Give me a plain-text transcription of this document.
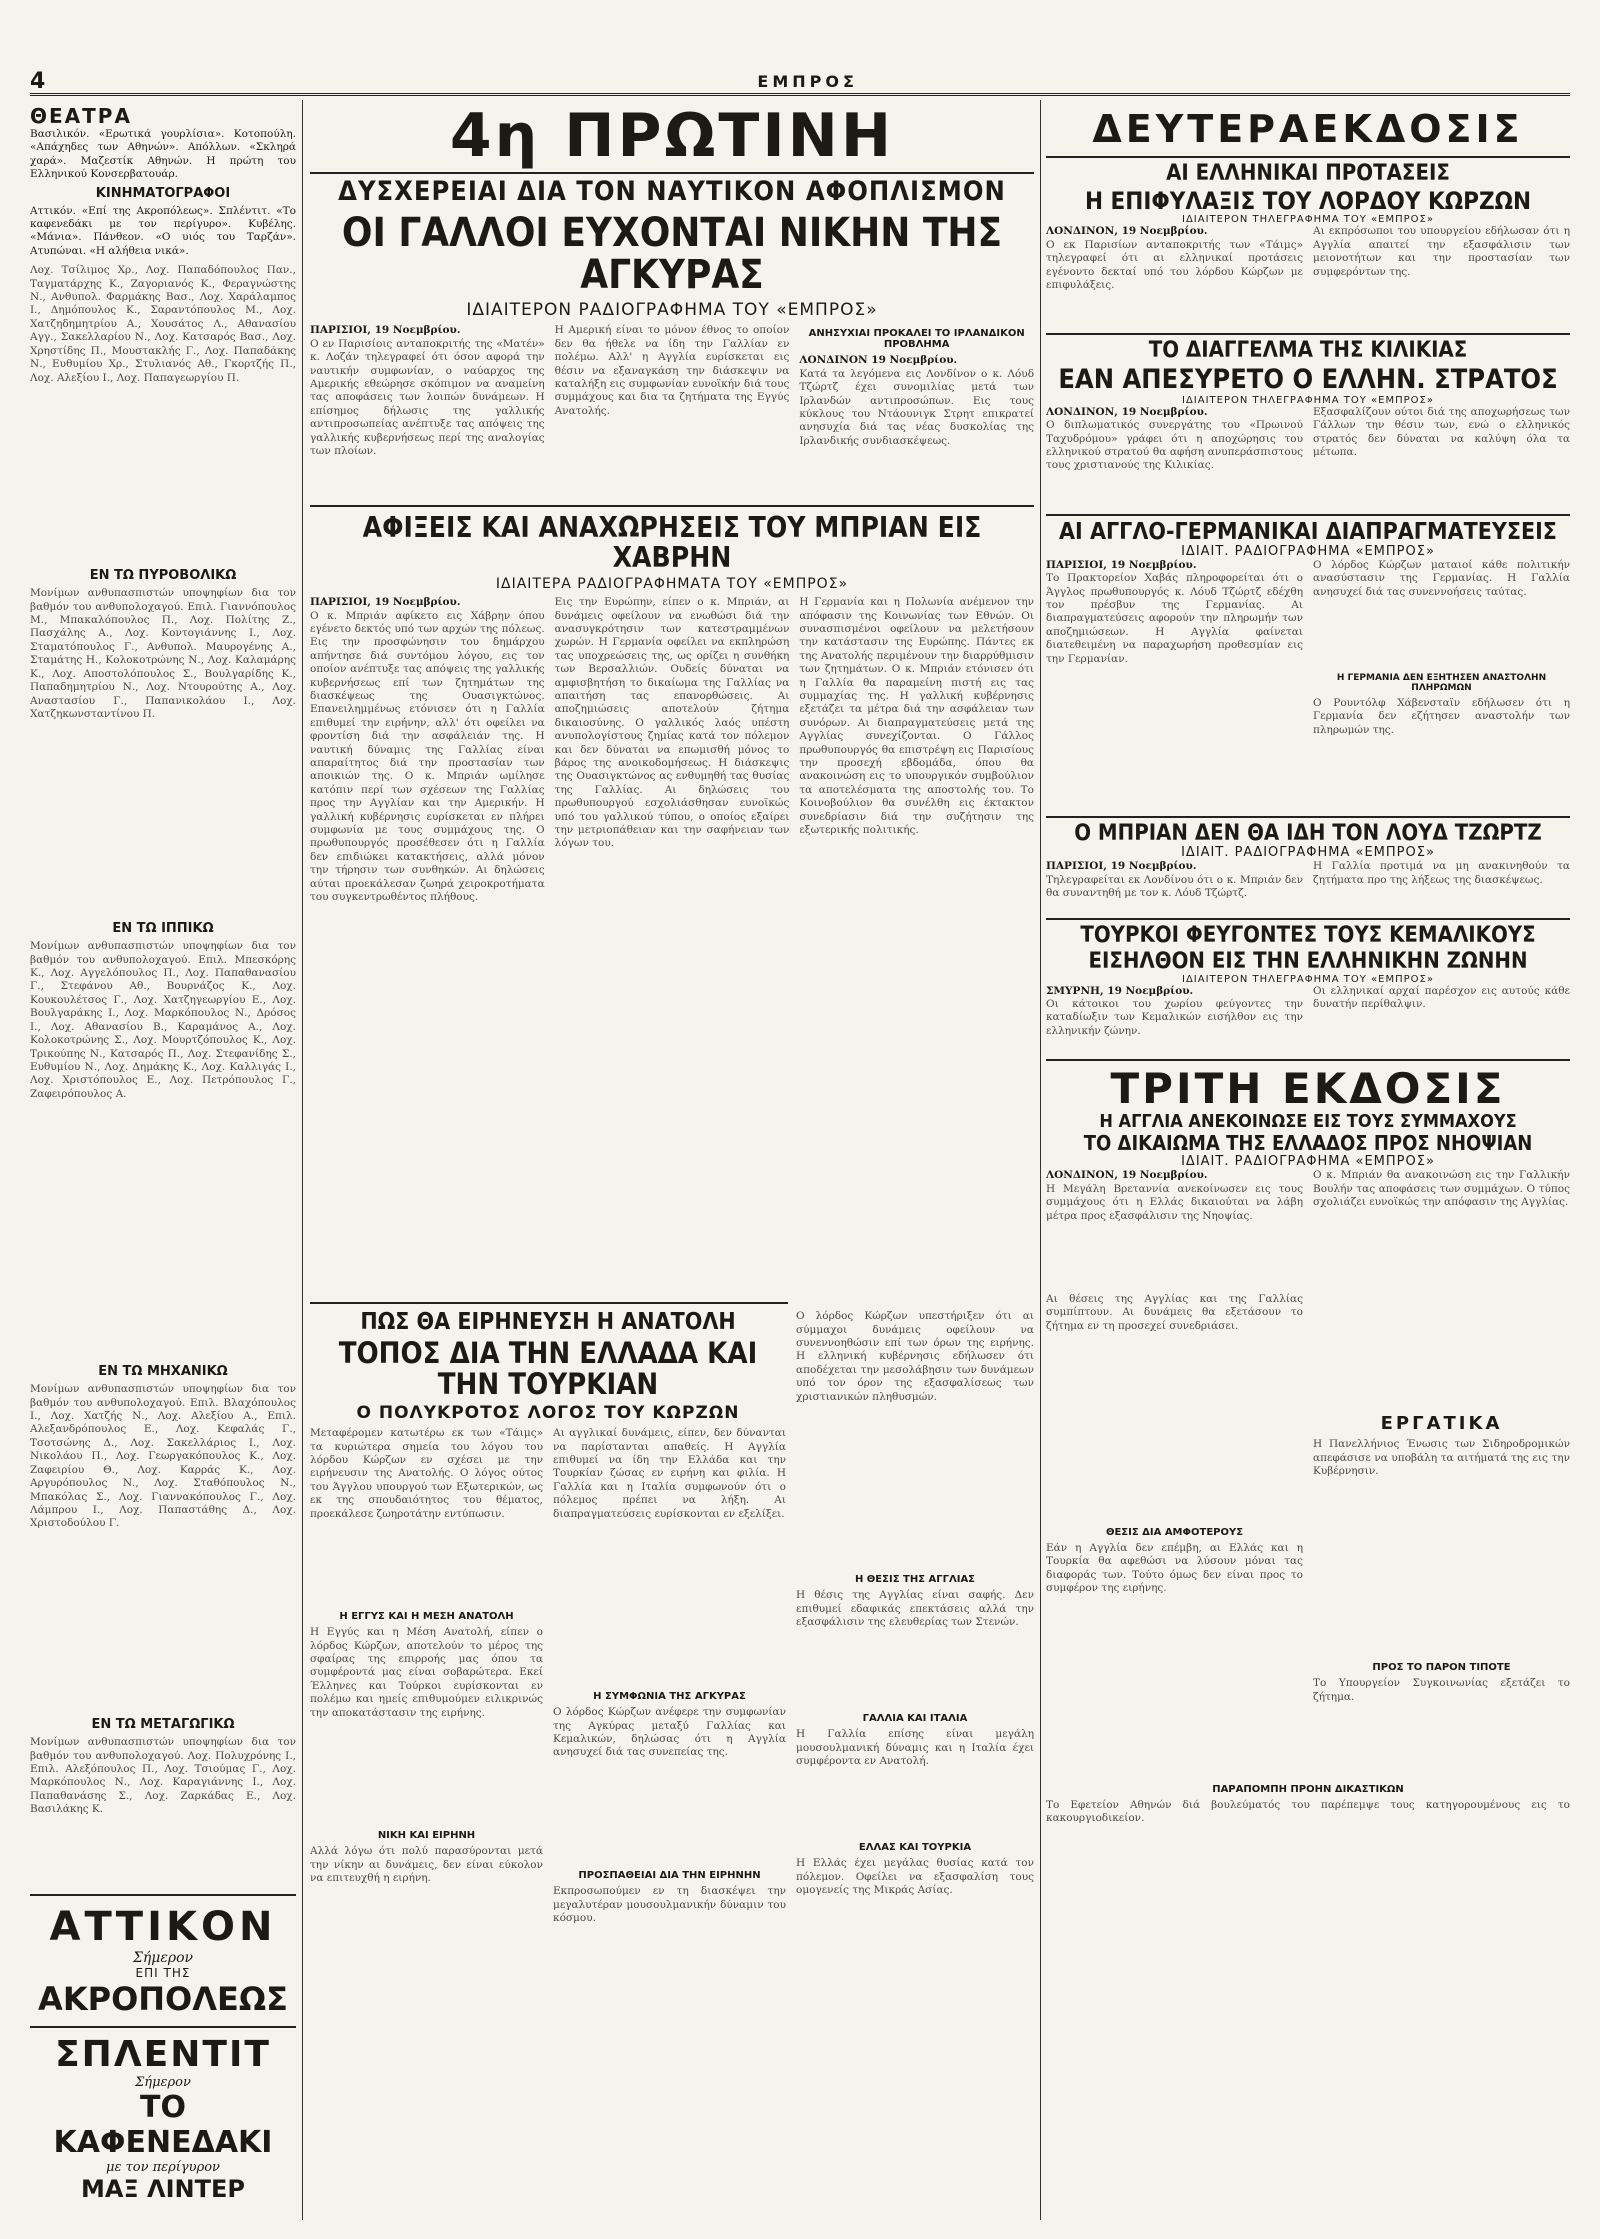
4	ΕΜΠΡΟΣ
ΘΕΑΤΡΑ

Βασιλικόν. «Ερωτικά γουρλίσια». Κοτοπούλη. «Απάχηδες των Αθηνών». Απόλλων. «Σκληρά χαρά». Μαζεστίκ Αθηνών. Η πρώτη του Ελληνικού Κονσερβατουάρ.

ΚΙΝΗΜΑΤΟΓΡΑΦΟΙ

Αττικόν. «Επί της Ακροπόλεως». Σπλέντιτ. «Το καφενεδάκι με τον περίγυρο». Κυβέλης. «Μάνια». Πάνθεον. «Ο υιός του Ταρζάν». Ατυπώναι. «Η αλήθεια νικά».

Λοχ. Τσίλιμος Χρ., Λοχ. Παπαδόπουλος Παν., Ταγματάρχης Κ., Ζαγοριανός Κ., Φεραγνώστης Ν., Ανθυπολ. Φαρμάκης Βασ., Λοχ. Χαράλαμπος Ι., Δημόπουλος Κ., Σαραντόπουλος Μ., Λοχ. Χατζηδημητρίου Α., Χουσάτος Λ., Αθανασίου Αγγ., Σακελλαρίου Ν., Λοχ. Κατσαρός Βασ., Λοχ. Χρηστίδης Π., Μουστακλής Γ., Λοχ. Παπαδάκης Ν., Ευθυμίου Χρ., Στυλιανός Αθ., Γκορτζής Π., Λοχ. Αλεξίου Ι., Λοχ. Παπαγεωργίου Π.

ΕΝ ΤΩ ΠΥΡΟΒΟΛΙΚΩ

Μονίμων ανθυπασπιστών υποψηφίων δια τον βαθμόν του ανθυπολοχαγού. Επιλ. Γιαννόπουλος Μ., Μπακαλόπουλος Π., Λοχ. Πολίτης Ζ., Πασχάλης Α., Λοχ. Κοντογιάννης Ι., Λοχ. Σταματόπουλος Γ., Ανθυπολ. Μαυρογένης Α., Σταμάτης Η., Κολοκοτρώνης Ν., Λοχ. Καλαμάρης Κ., Λοχ. Αποστολόπουλος Σ., Βουλγαρίδης Κ., Παπαδημητρίου Ν., Λοχ. Ντουρούτης Α., Λοχ. Αναστασίου Γ., Παπανικολάου Ι., Λοχ. Χατζηκωνσταντίνου Π.

ΕΝ ΤΩ ΙΠΠΙΚΩ

Μονίμων ανθυπασπιστών υποψηφίων δια τον βαθμόν του ανθυπολοχαγού. Επιλ. Μπεσκόρης Κ., Λοχ. Αγγελόπουλος Π., Λοχ. Παπαθανασίου Γ., Στεφάνου Αθ., Βουρνάζος Κ., Λοχ. Κουκουλέτσος Γ., Λοχ. Χατζηγεωργίου Ε., Λοχ. Βουλγαράκης Ι., Λοχ. Μαρκόπουλος Ν., Δρόσος Ι., Λοχ. Αθανασίου Β., Καραμάνος Α., Λοχ. Κολοκοτρώνης Σ., Λοχ. Μουρτζόπουλος Κ., Λοχ. Τρικούπης Ν., Κατσαρός Π., Λοχ. Στεφανίδης Σ., Ευθυμίου Ν., Λοχ. Δημάκης Κ., Λοχ. Καλλιγάς Ι., Λοχ. Χριστόπουλος Ε., Λοχ. Πετρόπουλος Γ., Ζαφειρόπουλος Α.

ΕΝ ΤΩ ΜΗΧΑΝΙΚΩ

Μονίμων ανθυπασπιστών υποψηφίων δια τον βαθμόν του ανθυπολοχαγού. Επιλ. Βλαχόπουλος Ι., Λοχ. Χατζής Ν., Λοχ. Αλεξίου Α., Επιλ. Αλεξανδρόπουλος Ε., Λοχ. Κεφαλάς Γ., Τσοτσώνης Δ., Λοχ. Σακελλάριος Ι., Λοχ. Νικολάου Π., Λοχ. Γεωργακόπουλος Κ., Λοχ. Ζαφειρίου Θ., Λοχ. Καρράς Κ., Λοχ. Αργυρόπουλος Ν., Λοχ. Σταθόπουλος Ν., Μπακόλας Σ., Λοχ. Γιαννακόπουλος Γ., Λοχ. Λάμπρου Ι., Λοχ. Παπαστάθης Δ., Λοχ. Χριστοδούλου Γ.

ΕΝ ΤΩ ΜΕΤΑΓΩΓΙΚΩ

Μονίμων ανθυπασπιστών υποψηφίων δια τον βαθμόν του ανθυπολοχαγού. Λοχ. Πολυχρόνης Ι., Επιλ. Αλεξόπουλος Π., Λοχ. Τσιούμας Γ., Λοχ. Μαρκόπουλος Ν., Λοχ. Καραγιάννης Ι., Λοχ. Παπαθανάσης Σ., Λοχ. Ζαρκάδας Ε., Λοχ. Βασιλάκης Κ.

ΑΤΤΙΚΟΝ
Σήμερον
ΕΠΙ ΤΗΣ
ΑΚΡΟΠΟΛΕΩΣ
ΣΠΛΕΝΤΙΤ
Σήμερον
ΤΟ ΚΑΦΕΝΕΔΑΚΙ
με τον περίγυρον
ΜΑΞ ΛΙΝΤΕΡ
4η ΠΡΩΤΙΝΗ
ΔΥΣΧΕΡΕΙΑΙ ΔΙΑ ΤΟΝ ΝΑΥΤΙΚΟΝ ΑΦΟΠΛΙΣΜΟΝ
ΟΙ ΓΑΛΛΟΙ ΕΥΧΟΝΤΑΙ ΝΙΚΗΝ ΤΗΣ ΑΓΚΥΡΑΣ
ΙΔΙΑΙΤΕΡΟΝ ΡΑΔΙΟΓΡΑΦΗΜΑ ΤΟΥ «ΕΜΠΡΟΣ»

ΠΑΡΙΣΙΟΙ, 19 Νοεμβρίου.

Ο εν Παρισίοις ανταποκριτής της «Ματέν» κ. Λοζάν τηλεγραφεί ότι όσον αφορά την ναυτικήν συμφωνίαν, ο ναύαρχος της Αμερικής εθεώρησε σκόπιμον να αναμείνη τας αποφάσεις των λοιπών δυνάμεων. Η επίσημος δήλωσις της γαλλικής αντιπροσωπείας ανέπτυξε τας απόψεις της γαλλικής κυβερνήσεως περί της αναλογίας των πλοίων.

Η Αμερική είναι το μόνον έθνος το οποίον δεν θα ήθελε να ίδη την Γαλλίαν εν πολέμω. Αλλ' η Αγγλία ευρίσκεται εις θέσιν να εξαναγκάση την διάσκεψιν να καταλήξη εις συμφωνίαν ευνοϊκήν διά τους συμμάχους και δια τα ζητήματα της Εγγύς Ανατολής.

ΑΝΗΣΥΧΙΑΙ ΠΡΟΚΑΛΕΙ ΤΟ ΙΡΛΑΝΔΙΚΟΝ ΠΡΟΒΛΗΜΑ

ΛΟΝΔΙΝΟΝ 19 Νοεμβρίου.

Κατά τα λεγόμενα εις Λονδίνον ο κ. Λόυδ Τζώρτζ έχει συνομιλίας μετά των Ιρλανδών αντιπροσώπων. Εις τους κύκλους του Ντάουνιγκ Στρητ επικρατεί ανησυχία διά τας νέας δυσκολίας της Ιρλανδικής συνδιασκέψεως.

ΑΦΙΞΕΙΣ ΚΑΙ ΑΝΑΧΩΡΗΣΕΙΣ ΤΟΥ ΜΠΡΙΑΝ ΕΙΣ ΧΑΒΡΗΝ
ΙΔΙΑΙΤΕΡΑ ΡΑΔΙΟΓΡΑΦΗΜΑΤΑ ΤΟΥ «ΕΜΠΡΟΣ»

ΠΑΡΙΣΙΟΙ, 19 Νοεμβρίου.

Ο κ. Μπριάν αφίκετο εις Χάβρην όπου εγένετο δεκτός υπό των αρχών της πόλεως. Εις την προσφώνησιν του δημάρχου απήντησε διά συντόμου λόγου, εις τον οποίον ανέπτυξε τας απόψεις της γαλλικής κυβερνήσεως επί των ζητημάτων της διασκέψεως της Ουασιγκτώνος. Επανειλημμένως ετόνισεν ότι η Γαλλία επιθυμεί την ειρήνην, αλλ' ότι οφείλει να φροντίση διά την ασφάλειάν της. Η ναυτική δύναμις της Γαλλίας είναι απαραίτητος διά την προστασίαν των αποικιών της. Ο κ. Μπριάν ωμίλησε κατόπιν περί των σχέσεων της Γαλλίας προς την Αγγλίαν και την Αμερικήν. Η γαλλική κυβέρνησις ευρίσκεται εν πλήρει συμφωνία με τους συμμάχους της. Ο πρωθυπουργός προσέθεσεν ότι η Γαλλία δεν επιδιώκει κατακτήσεις, αλλά μόνον την τήρησιν των συνθηκών. Αι δηλώσεις αύται προεκάλεσαν ζωηρά χειροκροτήματα του συγκεντρωθέντος πλήθους.

Εις την Ευρώπην, είπεν ο κ. Μπριάν, αι δυνάμεις οφείλουν να ενωθώσι διά την ανασυγκρότησιν των κατεστραμμένων χωρών. Η Γερμανία οφείλει να εκπληρώση τας υποχρεώσεις της, ως ορίζει η συνθήκη των Βερσαλλιών. Ουδείς δύναται να αμφισβητήση το δικαίωμα της Γαλλίας να απαιτήση τας επανορθώσεις. Αι αποζημιώσεις αποτελούν ζήτημα δικαιοσύνης. Ο γαλλικός λαός υπέστη ανυπολογίστους ζημίας κατά τον πόλεμον και δεν δύναται να επωμισθή μόνος το βάρος της ανοικοδομήσεως. Η διάσκεψις της Ουασιγκτώνος ας ενθυμηθή τας θυσίας της Γαλλίας. Αι δηλώσεις του πρωθυπουργού εσχολιάσθησαν ευνοϊκώς υπό του γαλλικού τύπου, ο οποίος εξαίρει την μετριοπάθειαν και την σαφήνειαν των λόγων του.

Η Γερμανία και η Πολωνία ανέμενον την απόφασιν της Κοινωνίας των Εθνών. Οι συνασπισμένοι οφείλουν να μελετήσουν την κατάστασιν της Ευρώπης. Πάντες εκ της Ανατολής περιμένουν την διαρρύθμισιν των ζητημάτων. Ο κ. Μπριάν ετόνισεν ότι η Γαλλία θα παραμείνη πιστή εις τας συμμαχίας της. Η γαλλική κυβέρνησις εξετάζει τα μέτρα διά την ασφάλειαν των συνόρων. Αι διαπραγματεύσεις μετά της Αγγλίας συνεχίζονται. Ο Γάλλος πρωθυπουργός θα επιστρέψη εις Παρισίους την προσεχή εβδομάδα, όπου θα ανακοινώση εις το υπουργικόν συμβούλιον τα αποτελέσματα της αποστολής του. Το Κοινοβούλιον θα συνέλθη εις έκτακτον συνεδρίασιν διά την συζήτησιν της εξωτερικής πολιτικής.

ΠΩΣ ΘΑ ΕΙΡΗΝΕΥΣΗ Η ΑΝΑΤΟΛΗ
ΤΟΠΟΣ ΔΙΑ ΤΗΝ ΕΛΛΑΔΑ ΚΑΙ ΤΗΝ ΤΟΥΡΚΙΑΝ
Ο ΠΟΛΥΚΡΟΤΟΣ ΛΟΓΟΣ ΤΟΥ ΚΩΡΖΩΝ

Μεταφέρομεν κατωτέρω εκ των «Τάιμς» τα κυριώτερα σημεία του λόγου του λόρδου Κώρζων εν σχέσει με την ειρήνευσιν της Ανατολής. Ο λόγος ούτος του Άγγλου υπουργού των Εξωτερικών, ως εκ της σπουδαιότητος του θέματος, προεκάλεσε ζωηροτάτην εντύπωσιν.

Η ΕΓΓΥΣ ΚΑΙ Η ΜΕΣΗ ΑΝΑΤΟΛΗ

Η Εγγύς και η Μέση Ανατολή, είπεν ο λόρδος Κώρζων, αποτελούν το μέρος της σφαίρας της επιρροής μας όπου τα συμφέροντά μας είναι σοβαρώτερα. Εκεί Έλληνες και Τούρκοι ευρίσκονται εν πολέμω και ημείς επιθυμούμεν ειλικρινώς την αποκατάστασιν της ειρήνης.

ΝΙΚΗ ΚΑΙ ΕΙΡΗΝΗ

Αλλά λόγω ότι πολύ παρασύρονται μετά την νίκην αι δυνάμεις, δεν είναι εύκολον να επιτευχθή η ειρήνη.

Αι αγγλικαί δυνάμεις, είπεν, δεν δύνανται να παρίστανται απαθείς. Η Αγγλία επιθυμεί να ίδη την Ελλάδα και την Τουρκίαν ζώσας εν ειρήνη και φιλία. Η Γαλλία και η Ιταλία συμφωνούν ότι ο πόλεμος πρέπει να λήξη. Αι διαπραγματεύσεις ευρίσκονται εν εξελίξει.

Η ΣΥΜΦΩΝΙΑ ΤΗΣ ΑΓΚΥΡΑΣ

Ο λόρδος Κώρζων ανέφερε την συμφωνίαν της Αγκύρας μεταξύ Γαλλίας και Κεμαλικών, δηλώσας ότι η Αγγλία ανησυχεί διά τας συνεπείας της.

ΠΡΟΣΠΑΘΕΙΑΙ ΔΙΑ ΤΗΝ ΕΙΡΗΝΗΝ

Εκπροσωπούμεν εν τη διασκέψει την μεγαλυτέραν μουσουλμανικήν δύναμιν του κόσμου.

Ο λόρδος Κώρζων υπεστήριξεν ότι αι σύμμαχοι δυνάμεις οφείλουν να συνεννοηθώσιν επί των όρων της ειρήνης. Η ελληνική κυβέρνησις εδήλωσεν ότι αποδέχεται την μεσολάβησιν των δυνάμεων υπό τον όρον της εξασφαλίσεως των χριστιανικών πληθυσμών.

Η ΘΕΣΙΣ ΤΗΣ ΑΓΓΛΙΑΣ

Η θέσις της Αγγλίας είναι σαφής. Δεν επιθυμεί εδαφικάς επεκτάσεις αλλά την εξασφάλισιν της ελευθερίας των Στενών.

ΓΑΛΛΙΑ ΚΑΙ ΙΤΑΛΙΑ

Η Γαλλία επίσης είναι μεγάλη μουσουλμανική δύναμις και η Ιταλία έχει συμφέροντα εν Ανατολή.

ΕΛΛΑΣ ΚΑΙ ΤΟΥΡΚΙΑ

Η Ελλάς έχει μεγάλας θυσίας κατά τον πόλεμον. Οφείλει να εξασφαλίση τους ομογενείς της Μικράς Ασίας.

ΔΕΥΤΕΡΑΕΚΔΟΣΙΣ
ΑΙ ΕΛΛΗΝΙΚΑΙ ΠΡΟΤΑΣΕΙΣ
Η ΕΠΙΦΥΛΑΞΙΣ ΤΟΥ ΛΟΡΔΟΥ ΚΩΡΖΩΝ
ΙΔΙΑΙΤΕΡΟΝ ΤΗΛΕΓΡΑΦΗΜΑ ΤΟΥ «ΕΜΠΡΟΣ»

ΛΟΝΔΙΝΟΝ, 19 Νοεμβρίου.

Ο εκ Παρισίων ανταποκριτής των «Τάιμς» τηλεγραφεί ότι αι ελληνικαί προτάσεις εγένοντο δεκταί υπό του λόρδου Κώρζων με επιφυλάξεις.

Αι εκπρόσωποι του υπουργείου εδήλωσαν ότι η Αγγλία απαιτεί την εξασφάλισιν των μειονοτήτων και την προστασίαν των συμφερόντων της.

ΤΟ ΔΙΑΓΓΕΛΜΑ ΤΗΣ ΚΙΛΙΚΙΑΣ
ΕΑΝ ΑΠΕΣΥΡΕΤΟ Ο ΕΛΛΗΝ. ΣΤΡΑΤΟΣ
ΙΔΙΑΙΤΕΡΟΝ ΤΗΛΕΓΡΑΦΗΜΑ ΤΟΥ «ΕΜΠΡΟΣ»

ΛΟΝΔΙΝΟΝ, 19 Νοεμβρίου.

Ο διπλωματικός συνεργάτης του «Πρωινού Ταχυδρόμου» γράφει ότι η αποχώρησις του ελληνικού στρατού θα αφήση ανυπεράσπιστους τους χριστιανούς της Κιλικίας.

Εξασφαλίζουν ούτοι διά της αποχωρήσεως των Γάλλων την θέσιν των, ενώ ο ελληνικός στρατός δεν δύναται να καλύψη όλα τα μέτωπα.

ΑΙ ΑΓΓΛΟ-ΓΕΡΜΑΝΙΚΑΙ ΔΙΑΠΡΑΓΜΑΤΕΥΣΕΙΣ
ΙΔΙΑΙΤ. ΡΑΔΙΟΓΡΑΦΗΜΑ «ΕΜΠΡΟΣ»

ΠΑΡΙΣΙΟΙ, 19 Νοεμβρίου.

Το Πρακτορείον Χαβάς πληροφορείται ότι ο Άγγλος πρωθυπουργός κ. Λόυδ Τζώρτζ εδέχθη τον πρέσβυν της Γερμανίας. Αι διαπραγματεύσεις αφορούν την πληρωμήν των αποζημιώσεων. Η Αγγλία φαίνεται διατεθειμένη να παραχωρήση προθεσμίαν εις την Γερμανίαν.

Ο λόρδος Κώρζων ματαιοί κάθε πολιτικήν ανασύστασιν της Γερμανίας. Η Γαλλία ανησυχεί διά τας συνεννοήσεις ταύτας.

Η ΓΕΡΜΑΝΙΑ ΔΕΝ ΕΞΗΤΗΣΕΝ ΑΝΑΣΤΟΛΗΝ ΠΛΗΡΩΜΩΝ

Ο Ρουντόλφ Χάβενσταϊν εδήλωσεν ότι η Γερμανία δεν εζήτησεν αναστολήν των πληρωμών της.

Ο ΜΠΡΙΑΝ ΔΕΝ ΘΑ ΙΔΗ ΤΟΝ ΛΟΥΔ ΤΖΩΡΤΖ
ΙΔΙΑΙΤ. ΡΑΔΙΟΓΡΑΦΗΜΑ «ΕΜΠΡΟΣ»

ΠΑΡΙΣΙΟΙ, 19 Νοεμβρίου.

Τηλεγραφείται εκ Λονδίνου ότι ο κ. Μπριάν δεν θα συναντηθή με τον κ. Λόυδ Τζώρτζ.

Η Γαλλία προτιμά να μη ανακινηθούν τα ζητήματα προ της λήξεως της διασκέψεως.

ΤΟΥΡΚΟΙ ΦΕΥΓΟΝΤΕΣ ΤΟΥΣ ΚΕΜΑΛΙΚΟΥΣ
ΕΙΣΗΛΘΟΝ ΕΙΣ ΤΗΝ ΕΛΛΗΝΙΚΗΝ ΖΩΝΗΝ
ΙΔΙΑΙΤΕΡΟΝ ΤΗΛΕΓΡΑΦΗΜΑ ΤΟΥ «ΕΜΠΡΟΣ»

ΣΜΥΡΝΗ, 19 Νοεμβρίου.

Οι κάτοικοι του χωρίου φεύγοντες την καταδίωξιν των Κεμαλικών εισήλθον εις την ελληνικήν ζώνην.

Οι ελληνικαί αρχαί παρέσχον εις αυτούς κάθε δυνατήν περίθαλψιν.

ΤΡΙΤΗ ΕΚΔΟΣΙΣ
Η ΑΓΓΛΙΑ ΑΝΕΚΟΙΝΩΣΕ ΕΙΣ ΤΟΥΣ ΣΥΜΜΑΧΟΥΣ
ΤΟ ΔΙΚΑΙΩΜΑ ΤΗΣ ΕΛΛΑΔΟΣ ΠΡΟΣ ΝΗΟΨΙΑΝ
ΙΔΙΑΙΤ. ΡΑΔΙΟΓΡΑΦΗΜΑ «ΕΜΠΡΟΣ»

ΛΟΝΔΙΝΟΝ, 19 Νοεμβρίου.

Η Μεγάλη Βρεταννία ανεκοίνωσεν εις τους συμμάχους ότι η Ελλάς δικαιούται να λάβη μέτρα προς εξασφάλισιν της Νηοψίας.

Αι θέσεις της Αγγλίας και της Γαλλίας συμπίπτουν. Αι δυνάμεις θα εξετάσουν το ζήτημα εν τη προσεχεί συνεδριάσει.

ΘΕΣΙΣ ΔΙΑ ΑΜΦΟΤΕΡΟΥΣ

Εάν η Αγγλία δεν επέμβη, αι Ελλάς και η Τουρκία θα αφεθώσι να λύσουν μόναι τας διαφοράς των. Τούτο όμως δεν είναι προς το συμφέρον της ειρήνης.

Ο κ. Μπριάν θα ανακοινώση εις την Γαλλικήν Βουλήν τας αποφάσεις των συμμάχων. Ο τύπος σχολιάζει ευνοϊκώς την απόφασιν της Αγγλίας.

ΕΡΓΑΤΙΚΑ

Η Πανελλήνιος Ένωσις των Σιδηροδρομικών απεφάσισε να υποβάλη τα αιτήματά της εις την Κυβέρνησιν.

ΠΡΟΣ ΤΟ ΠΑΡΟΝ ΤΙΠΟΤΕ

Το Υπουργείον Συγκοινωνίας εξετάζει το ζήτημα.

ΠΑΡΑΠΟΜΠΗ ΠΡΟΗΝ ΔΙΚΑΣΤΙΚΩΝ

Το Εφετείον Αθηνών διά βουλεύματός του παρέπεμψε τους κατηγορουμένους εις το κακουργιοδικείον.
